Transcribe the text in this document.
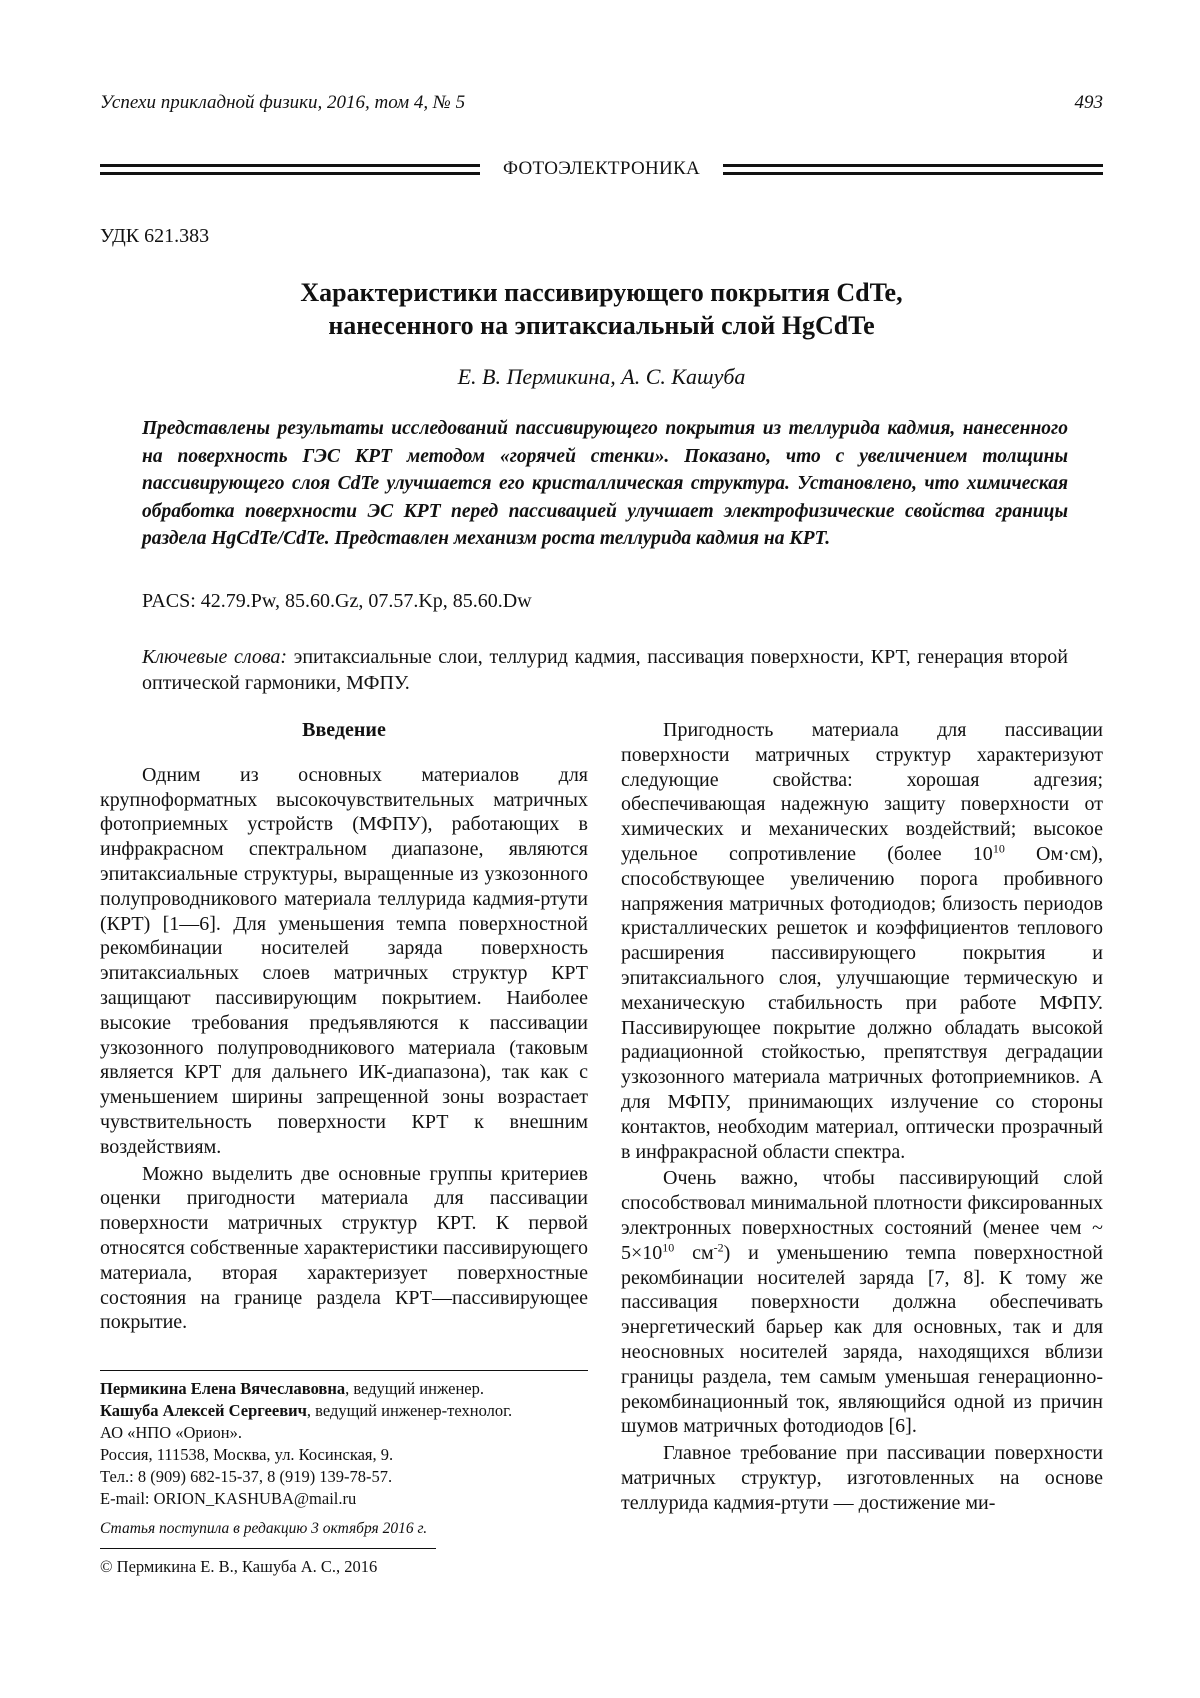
Успехи прикладной физики, 2016, том 4, № 5	493
ФОТОЭЛЕКТРОНИКА
УДК 621.383
Характеристики пассивирующего покрытия CdTe,
нанесенного на эпитаксиальный слой HgCdTe
Е. В. Пермикина, А. С. Кашуба
Представлены результаты исследований пассивирующего покрытия из теллурида кадмия, нанесенного на поверхность ГЭС КРТ методом «горячей стенки». Показано, что с увеличением толщины пассивирующего слоя CdTe улучшается его кристаллическая структура. Установлено, что химическая обработка поверхности ЭС КРТ перед пассивацией улучшает электрофизические свойства границы раздела HgCdTe/CdTe. Представлен механизм роста теллурида кадмия на КРТ.
PACS: 42.79.Pw, 85.60.Gz, 07.57.Kp, 85.60.Dw
Ключевые слова: эпитаксиальные слои, теллурид кадмия, пассивация поверхности, КРТ, генерация второй оптической гармоники, МФПУ.

Введение

Одним из основных материалов для крупноформатных высокочувствительных матричных фотоприемных устройств (МФПУ), работающих в инфракрасном спектральном диапазоне, являются эпитаксиальные структуры, выращенные из узкозонного полупроводникового материала теллурида кадмия-ртути (КРТ) [1—6]. Для уменьшения темпа поверхностной рекомбинации носителей заряда поверхность эпитаксиальных слоев матричных структур КРТ защищают пассивирующим покрытием. Наиболее высокие требования предъявляются к пассивации узкозонного полупроводникового материала (таковым является КРТ для дальнего ИК-диапазона), так как с уменьшением ширины запрещенной зоны возрастает чувствительность поверхности КРТ к внешним воздействиям.

Можно выделить две основные группы критериев оценки пригодности материала для пассивации поверхности матричных структур КРТ. К первой относятся собственные характеристики пассивирующего материала, вторая характеризует поверхностные состояния на границе раздела КРТ—пассивирующее покрытие.

Пригодность материала для пассивации поверхности матричных структур характеризуют следующие свойства: хорошая адгезия; обеспечивающая надежную защиту поверхности от химических и механических воздействий; высокое удельное сопротивление (более $10^{10}$ Ом·см), способствующее увеличению порога пробивного напряжения матричных фотодиодов; близость периодов кристаллических решеток и коэффициентов теплового расширения пассивирующего покрытия и эпитаксиального слоя, улучшающие термическую и механическую стабильность при работе МФПУ. Пассивирующее покрытие должно обладать высокой радиационной стойкостью, препятствуя деградации узкозонного материала матричных фотоприемников. А для МФПУ, принимающих излучение со стороны контактов, необходим материал, оптически прозрачный в инфракрасной области спектра.

Очень важно, чтобы пассивирующий слой способствовал минимальной плотности фиксированных электронных поверхностных состояний (менее чем ~ $5\times 10^{10}$ $см^{-2}$) и уменьшению темпа поверхностной рекомбинации носителей заряда [7, 8]. К тому же пассивация поверхности должна обеспечивать энергетический барьер как для основных, так и для неосновных носителей заряда, находящихся вблизи границы раздела, тем самым уменьшая генерационно-рекомбинационный ток, являющийся одной из причин шумов матричных фотодиодов [6].

Главное требование при пассивации поверхности матричных структур, изготовленных на основе теллурида кадмия-ртути — достижение ми-

Пермикина Елена Вячеславовна, ведущий инженер.
Кашуба Алексей Сергеевич, ведущий инженер-технолог.
АО «НПО «Орион».
Россия, 111538, Москва, ул. Косинская, 9.
Тел.: 8 (909) 682-15-37, 8 (919) 139-78-57.
E-mail: ORION_KASHUBA@mail.ru
Статья поступила в редакцию 3 октября 2016 г.
© Пермикина Е. В., Кашуба А. С., 2016
